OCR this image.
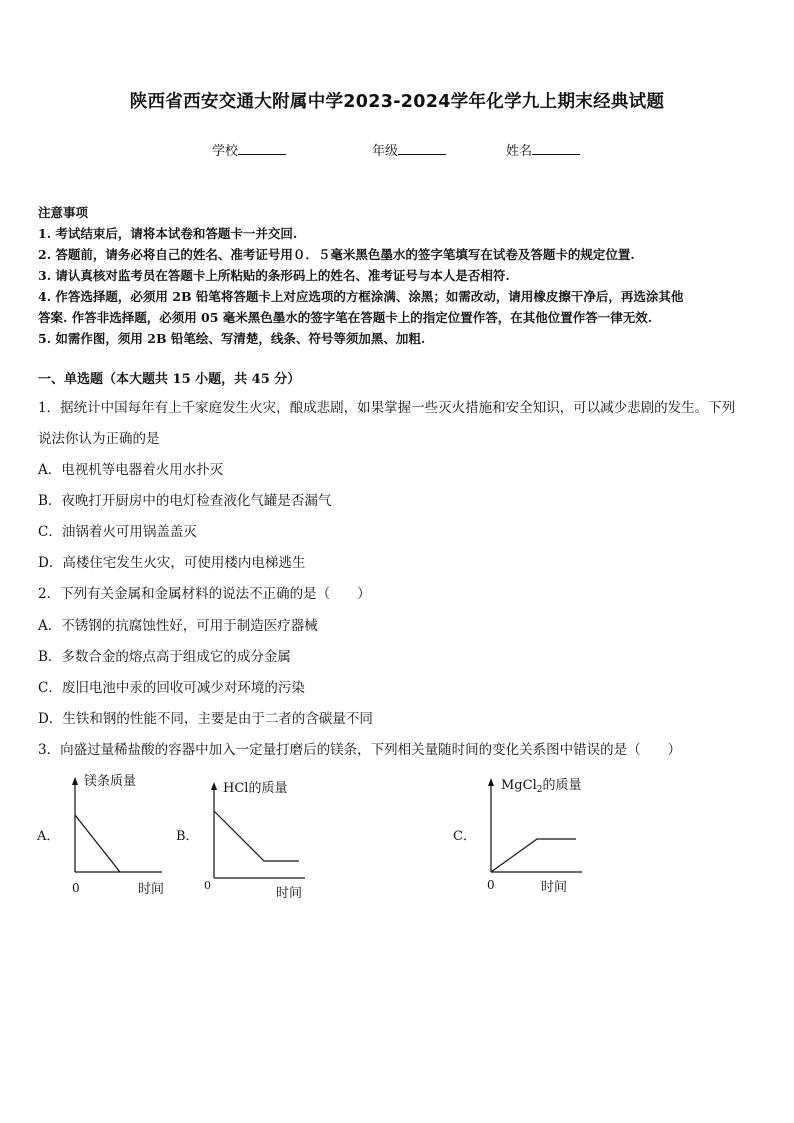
陕西省西安交通大附属中学2023-2024学年化学九上期末经典试题
学校	年级	姓名
注意事项
1. 考试结束后，请将本试卷和答题卡一并交回.
2. 答题前，请务必将自己的姓名、准考证号用０．５毫米黑色墨水的签字笔填写在试卷及答题卡的规定位置.
3. 请认真核对监考员在答题卡上所粘贴的条形码上的姓名、准考证号与本人是否相符.
4. 作答选择题，必须用 2B 铅笔将答题卡上对应选项的方框涂满、涂黑；如需改动，请用橡皮擦干净后，再选涂其他
答案. 作答非选择题，必须用 05 毫米黑色墨水的签字笔在答题卡上的指定位置作答，在其他位置作答一律无效.
5. 如需作图，须用 2B 铅笔绘、写清楚，线条、符号等须加黑、加粗.
一、单选题（本大题共 15 小题，共 45 分）
1．据统计中国每年有上千家庭发生火灾，酿成悲剧，如果掌握一些灭火措施和安全知识，可以减少悲剧的发生。下列
说法你认为正确的是
A．电视机等电器着火用水扑灭
B．夜晚打开厨房中的电灯检查液化气罐是否漏气
C．油锅着火可用锅盖盖灭
D．高楼住宅发生火灾，可使用楼内电梯逃生
2．下列有关金属和金属材料的说法不正确的是（　　）
A．不锈钢的抗腐蚀性好，可用于制造医疗器械
B．多数合金的熔点高于组成它的成分金属
C．废旧电池中汞的回收可减少对环境的污染
D．生铁和钢的性能不同，主要是由于二者的含碳量不同
3．向盛过量稀盐酸的容器中加入一定量打磨后的镁条，下列相关量随时间的变化关系图中错误的是（　　）
A．
镁条质量
0	时间
B．
HCl的质量
0
时间
C．
MgCl$_2$的质量
0	时间
